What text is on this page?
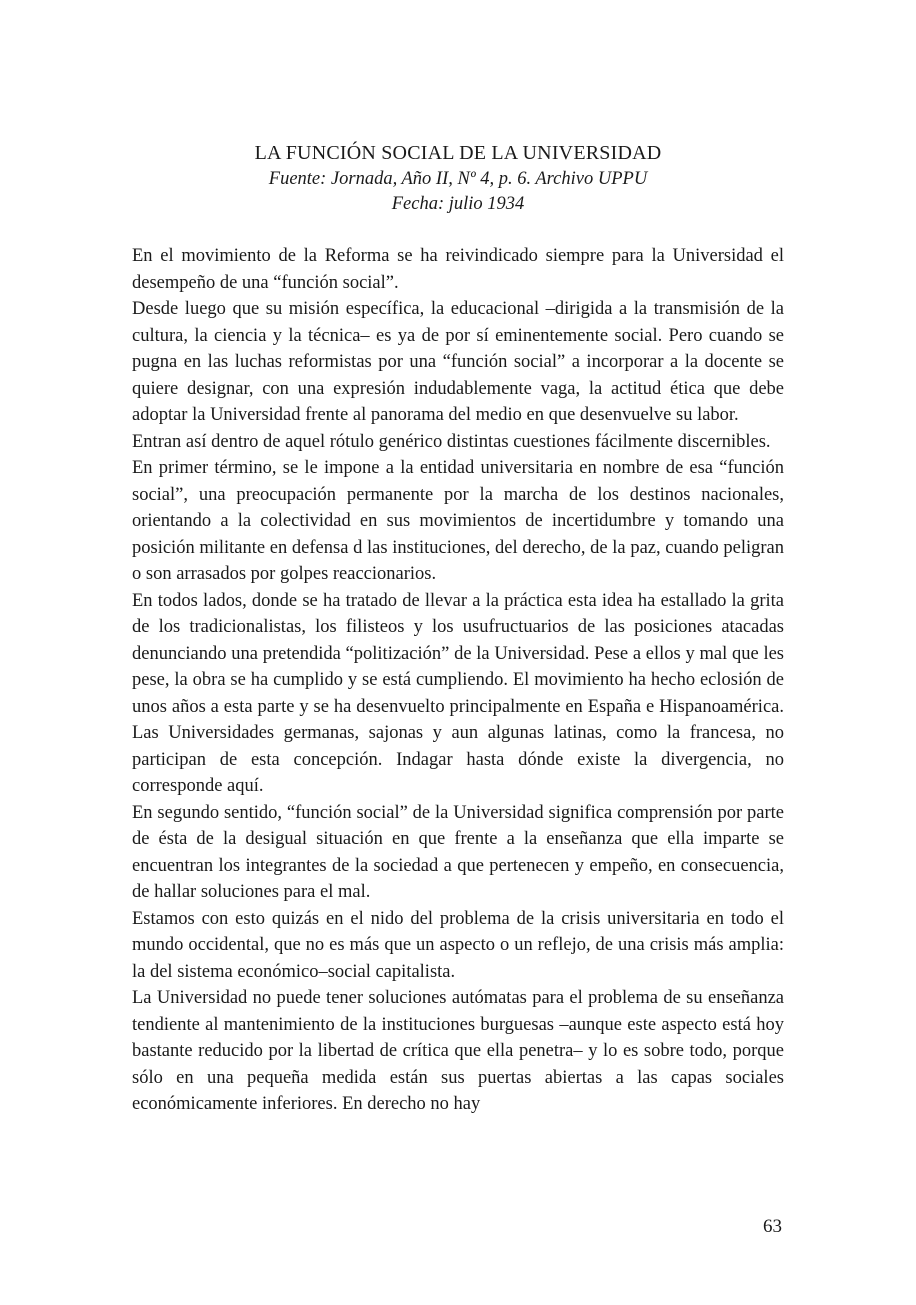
LA FUNCIÓN SOCIAL DE LA UNIVERSIDAD
Fuente: Jornada, Año II, Nº 4, p. 6. Archivo UPPU
Fecha: julio 1934

En el movimiento de la Reforma se ha reivindicado siempre para la Universidad el desempeño de una “función social”.

Desde luego que su misión específica, la educacional –dirigida a la transmisión de la cultura, la ciencia y la técnica– es ya de por sí eminentemente social. Pero cuando se pugna en las luchas reformistas por una “función social” a incorporar a la docente se quiere designar, con una expresión indudablemente vaga, la actitud ética que debe adoptar la Universidad frente al panorama del medio en que desenvuelve su labor.

Entran así dentro de aquel rótulo genérico distintas cuestiones fácilmente discernibles.

En primer término, se le impone a la entidad universitaria en nombre de esa “función social”, una preocupación permanente por la marcha de los destinos nacionales, orientando a la colectividad en sus movimientos de incertidumbre y tomando una posición militante en defensa d las instituciones, del derecho, de la paz, cuando peligran o son arrasados por golpes reaccionarios.

En todos lados, donde se ha tratado de llevar a la práctica esta idea ha estallado la grita de los tradicionalistas, los filisteos y los usufructuarios de las posiciones atacadas denunciando una pretendida “politización” de la Universidad. Pese a ellos y mal que les pese, la obra se ha cumplido y se está cumpliendo. El movimiento ha hecho eclosión de unos años a esta parte y se ha desenvuelto principalmente en España e Hispanoamérica. Las Universidades germanas, sajonas y aun algunas latinas, como la francesa, no participan de esta concepción. Indagar hasta dónde existe la divergencia, no corresponde aquí.

En segundo sentido, “función social” de la Universidad significa comprensión por parte de ésta de la desigual situación en que frente a la enseñanza que ella imparte se encuentran los integrantes de la sociedad a que pertenecen y empeño, en consecuencia, de hallar soluciones para el mal.

Estamos con esto quizás en el nido del problema de la crisis universitaria en todo el mundo occidental, que no es más que un aspecto o un reflejo, de una crisis más amplia: la del sistema económico–social capitalista.

La Universidad no puede tener soluciones autómatas para el problema de su enseñanza tendiente al mantenimiento de la instituciones burguesas –aunque este aspecto está hoy bastante reducido por la libertad de crítica que ella penetra– y lo es sobre todo, porque sólo en una pequeña medida están sus puertas abiertas a las capas sociales económicamente inferiores. En derecho no hay

63
